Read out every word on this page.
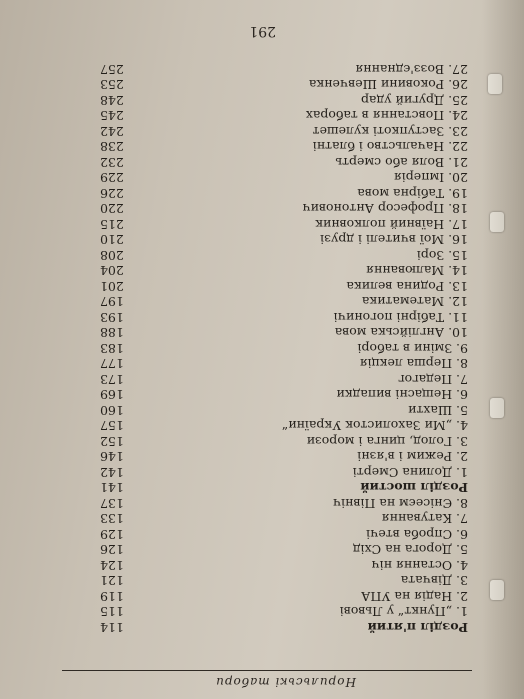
Норильські табори
Розділ п'ятий
114
1. „Пункт“ у Львові
115
2. Надія на УПА
119
3. Дівчата
121
4. Остання ніч
124
5. Дорога на Схід
126
6. Спроба втечі
129
7. Катування
133
8. Єнісеєм на Північ
137
Розділ шостий
141
1. Долина Смерті
142
2. Режим і в'язні
146
3. Голод, цинга і морози
152
4. „Ми Захолисток України“
157
5. Шахти
160
6. Нещасні випадки
169
7. Педагог
173
8. Перша лекція
177
9. Зміни в таборі
183
10. Англійська мова
188
11. Табірні погоничі
193
12. Математика
197
13. Родина велика
201
14. Малювання
204
15. Зорі
208
16. Мої вчителі і друзі
210
17. Наївний полковник
215
18. Професор Антонович
220
19. Табірна мова
226
20. Імперія
229
21. Воля або смерть
232
22. Начальство і блатні
238
23. Заступкоті кулешет
242
24. Повстання в таборах
245
25. Другий удар
248
26. Роковини Шевченка
253
27. Возз'єднання
257
291
